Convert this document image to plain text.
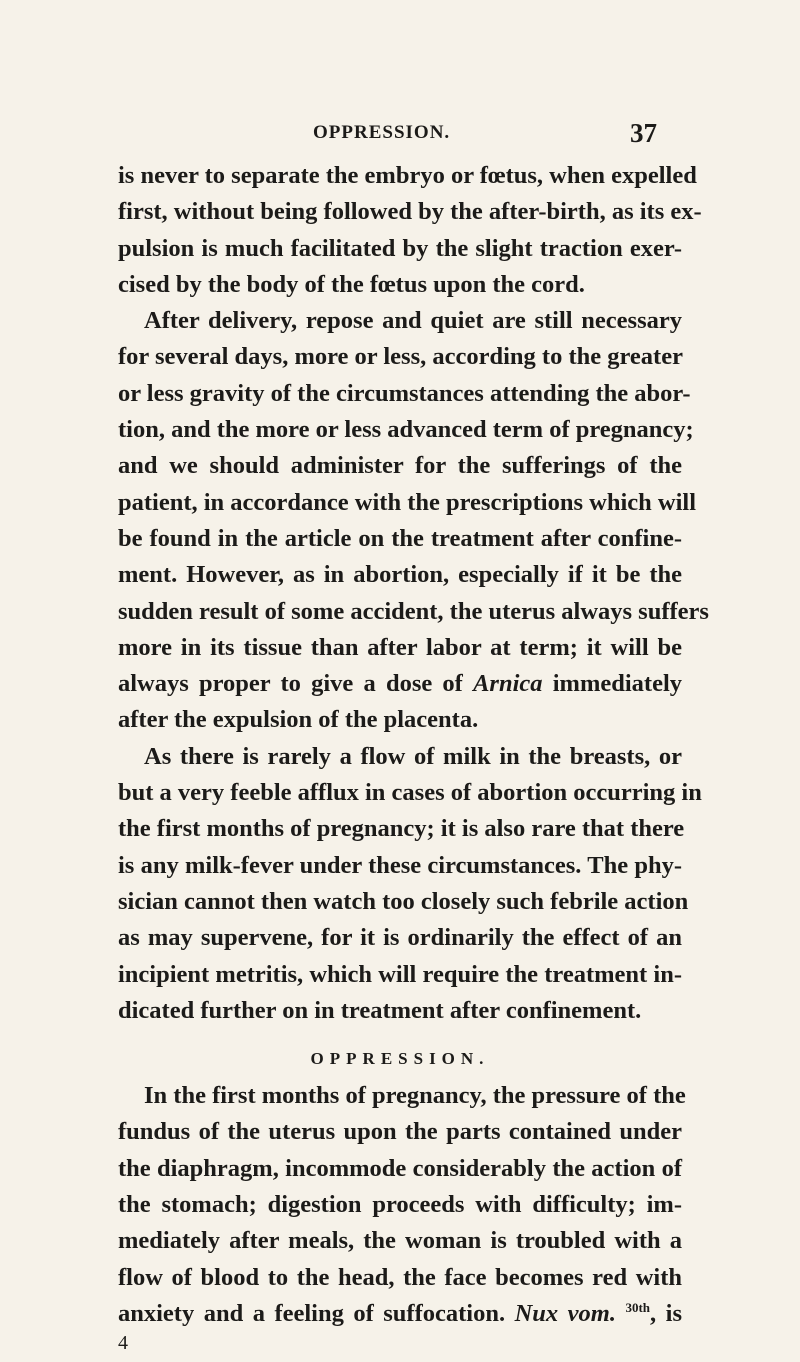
OPPRESSION.	37
is never to separate the embryo or fœtus, when expelled
first, without being followed by the after-birth, as its ex-
pulsion is much facilitated by the slight traction exer-
cised by the body of the fœtus upon the cord.
After delivery, repose and quiet are still necessary
for several days, more or less, according to the greater
or less gravity of the circumstances attending the abor-
tion, and the more or less advanced term of pregnancy;
and we should administer for the sufferings of the
patient, in accordance with the prescriptions which will
be found in the article on the treatment after confine-
ment. However, as in abortion, especially if it be the
sudden result of some accident, the uterus always suffers
more in its tissue than after labor at term; it will be
always proper to give a dose of Arnica immediately
after the expulsion of the placenta.
As there is rarely a flow of milk in the breasts, or
but a very feeble afflux in cases of abortion occurring in
the first months of pregnancy; it is also rare that there
is any milk-fever under these circumstances. The phy-
sician cannot then watch too closely such febrile action
as may supervene, for it is ordinarily the effect of an
incipient metritis, which will require the treatment in-
dicated further on in treatment after confinement.
OPPRESSION.
In the first months of pregnancy, the pressure of the
fundus of the uterus upon the parts contained under
the diaphragm, incommode considerably the action of
the stomach; digestion proceeds with difficulty; im-
mediately after meals, the woman is troubled with a
flow of blood to the head, the face becomes red with
anxiety and a feeling of suffocation. Nux vom. $^{30th}$, is
4
